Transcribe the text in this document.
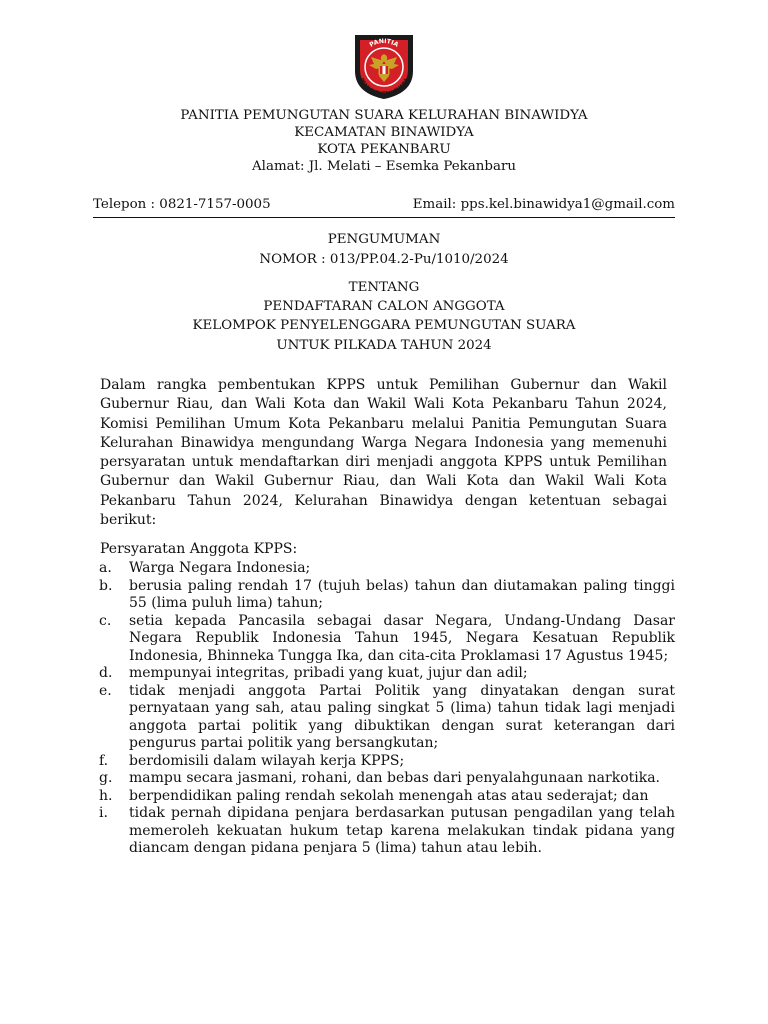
PANITIA
PEMUNGUTAN SUARA
PANITIA PEMUNGUTAN SUARA KELURAHAN BINAWIDYA
KECAMATAN BINAWIDYA
KOTA PEKANBARU
Alamat: Jl. Melati – Esemka Pekanbaru
Telepon : 0821-7157-0005	Email: pps.kel.binawidya1@gmail.com
PENGUMUMAN
NOMOR : 013/PP.04.2-Pu/1010/2024
TENTANG
PENDAFTARAN CALON ANGGOTA
KELOMPOK PENYELENGGARA PEMUNGUTAN SUARA
UNTUK PILKADA TAHUN 2024
Dalam rangka pembentukan KPPS untuk Pemilihan Gubernur dan Wakil Gubernur Riau, dan Wali Kota dan Wakil Wali Kota Pekanbaru Tahun 2024, Komisi Pemilihan Umum Kota Pekanbaru melalui Panitia Pemungutan Suara Kelurahan Binawidya mengundang Warga Negara Indonesia yang memenuhi persyaratan untuk mendaftarkan diri menjadi anggota KPPS untuk Pemilihan Gubernur dan Wakil Gubernur Riau, dan Wali Kota dan Wakil Wali Kota Pekanbaru Tahun 2024, Kelurahan Binawidya dengan ketentuan sebagai berikut:
Persyaratan Anggota KPPS:
a. Warga Negara Indonesia;
b. berusia paling rendah 17 (tujuh belas) tahun dan diutamakan paling tinggi 55 (lima puluh lima) tahun;
c. setia kepada Pancasila sebagai dasar Negara, Undang-Undang Dasar Negara Republik Indonesia Tahun 1945, Negara Kesatuan Republik Indonesia, Bhinneka Tungga Ika, dan cita-cita Proklamasi 17 Agustus 1945;
d. mempunyai integritas, pribadi yang kuat, jujur dan adil;
e. tidak menjadi anggota Partai Politik yang dinyatakan dengan surat pernyataan yang sah, atau paling singkat 5 (lima) tahun tidak lagi menjadi anggota partai politik yang dibuktikan dengan surat keterangan dari pengurus partai politik yang bersangkutan;
f. berdomisili dalam wilayah kerja KPPS;
g. mampu secara jasmani, rohani, dan bebas dari penyalahgunaan narkotika.
h. berpendidikan paling rendah sekolah menengah atas atau sederajat; dan
i. tidak pernah dipidana penjara berdasarkan putusan pengadilan yang telah memeroleh kekuatan hukum tetap karena melakukan tindak pidana yang diancam dengan pidana penjara 5 (lima) tahun atau lebih.
